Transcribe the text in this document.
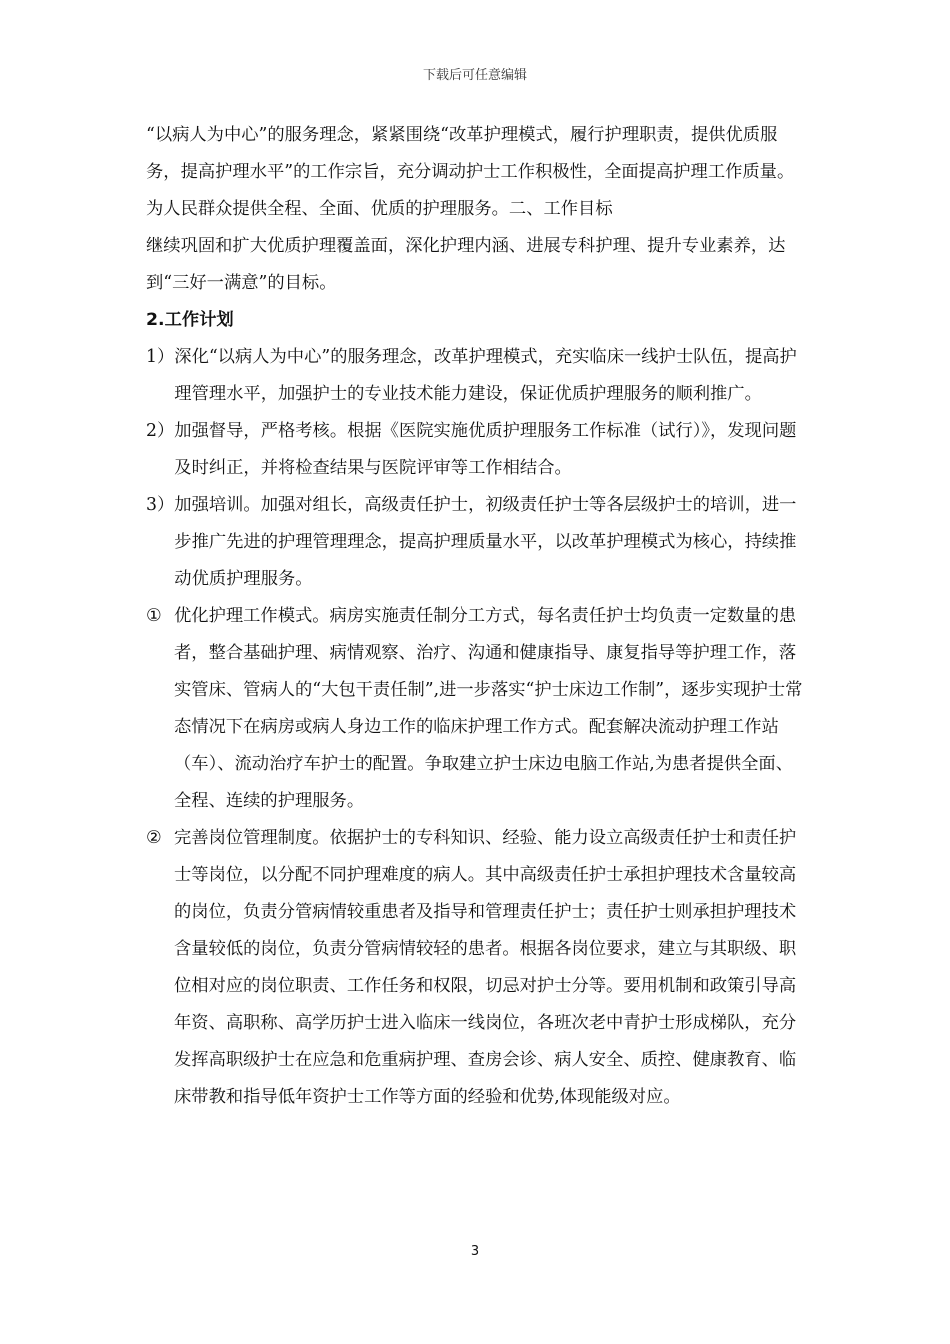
下载后可任意编辑

“以病人为中心”的服务理念，紧紧围绕“改革护理模式，履行护理职责，提供优质服务，提高护理水平”的工作宗旨，充分调动护士工作积极性，全面提高护理工作质量。为人民群众提供全程、全面、优质的护理服务。二、工作目标

继续巩固和扩大优质护理覆盖面，深化护理内涵、进展专科护理、提升专业素养，达到“三好一满意”的目标。

2.工作计划

1） 深化“以病人为中心”的服务理念，改革护理模式，充实临床一线护士队伍，提高护理管理水平，加强护士的专业技术能力建设，保证优质护理服务的顺利推广。
2） 加强督导，严格考核。根据《医院实施优质护理服务工作标准（试行）》，发现问题及时纠正，并将检查结果与医院评审等工作相结合。
3） 加强培训。加强对组长，高级责任护士，初级责任护士等各层级护士的培训，进一步推广先进的护理管理理念，提高护理质量水平，以改革护理模式为核心，持续推动优质护理服务。
① 优化护理工作模式。病房实施责任制分工方式，每名责任护士均负责一定数量的患者，整合基础护理、病情观察、治疗、沟通和健康指导、康复指导等护理工作，落实管床、管病人的“大包干责任制”,进一步落实“护士床边工作制”，逐步实现护士常态情况下在病房或病人身边工作的临床护理工作方式。配套解决流动护理工作站（车）、流动治疗车护士的配置。争取建立护士床边电脑工作站,为患者提供全面、全程、连续的护理服务。
② 完善岗位管理制度。依据护士的专科知识、经验、能力设立高级责任护士和责任护士等岗位，以分配不同护理难度的病人。其中高级责任护士承担护理技术含量较高的岗位，负责分管病情较重患者及指导和管理责任护士；责任护士则承担护理技术含量较低的岗位，负责分管病情较轻的患者。根据各岗位要求，建立与其职级、职位相对应的岗位职责、工作任务和权限，切忌对护士分等。要用机制和政策引导高年资、高职称、高学历护士进入临床一线岗位，各班次老中青护士形成梯队，充分发挥高职级护士在应急和危重病护理、查房会诊、病人安全、质控、健康教育、临床带教和指导低年资护士工作等方面的经验和优势,体现能级对应。
3
